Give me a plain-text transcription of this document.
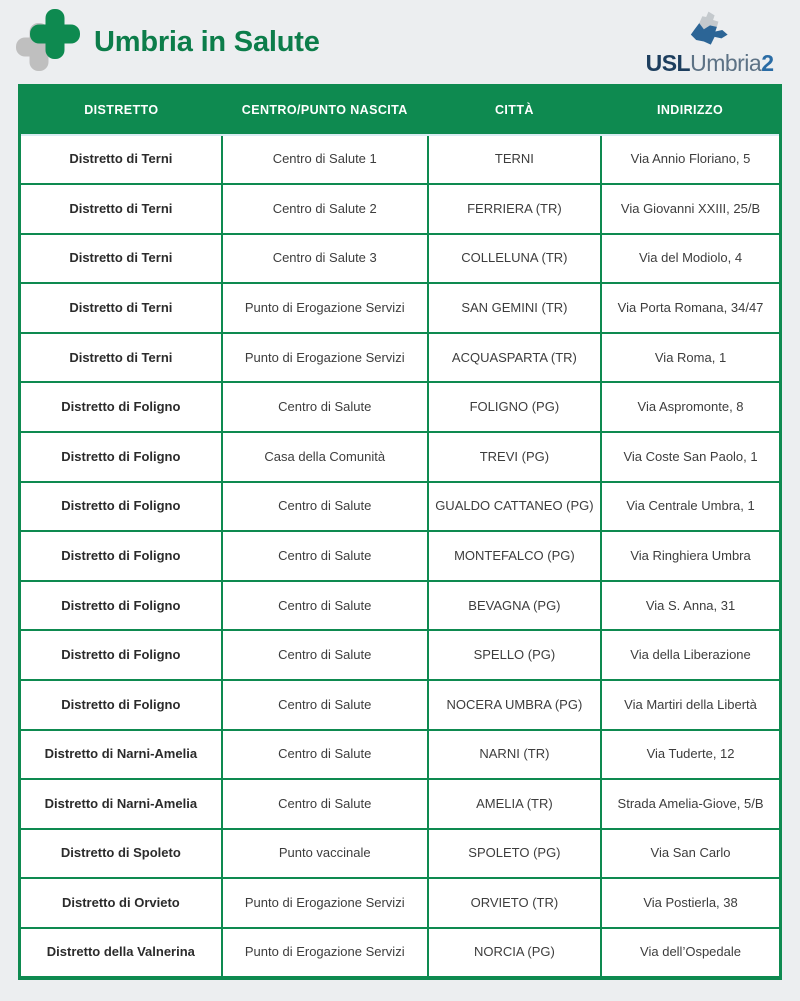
Umbria in Salute
USLUmbria2
DISTRETTO	CENTRO/PUNTO NASCITA	CITTÀ	INDIRIZZO
Distretto di Terni	Centro di Salute 1	TERNI	Via Annio Floriano, 5
Distretto di Terni	Centro di Salute 2	FERRIERA (TR)	Via Giovanni XXIII, 25/B
Distretto di Terni	Centro di Salute 3	COLLELUNA (TR)	Via del Modiolo, 4
Distretto di Terni	Punto di Erogazione Servizi	SAN GEMINI (TR)	Via Porta Romana, 34/47
Distretto di Terni	Punto di Erogazione Servizi	ACQUASPARTA (TR)	Via Roma, 1
Distretto di Foligno	Centro di Salute	FOLIGNO (PG)	Via Aspromonte, 8
Distretto di Foligno	Casa della Comunità	TREVI (PG)	Via Coste San Paolo, 1
Distretto di Foligno	Centro di Salute	GUALDO CATTANEO (PG)	Via Centrale Umbra, 1
Distretto di Foligno	Centro di Salute	MONTEFALCO (PG)	Via Ringhiera Umbra
Distretto di Foligno	Centro di Salute	BEVAGNA (PG)	Via S. Anna, 31
Distretto di Foligno	Centro di Salute	SPELLO (PG)	Via della Liberazione
Distretto di Foligno	Centro di Salute	NOCERA UMBRA (PG)	Via Martiri della Libertà
Distretto di Narni-Amelia	Centro di Salute	NARNI (TR)	Via Tuderte, 12
Distretto di Narni-Amelia	Centro di Salute	AMELIA (TR)	Strada Amelia-Giove, 5/B
Distretto di Spoleto	Punto vaccinale	SPOLETO (PG)	Via San Carlo
Distretto di Orvieto	Punto di Erogazione Servizi	ORVIETO (TR)	Via Postierla, 38
Distretto della Valnerina	Punto di Erogazione Servizi	NORCIA (PG)	Via dell’Ospedale
